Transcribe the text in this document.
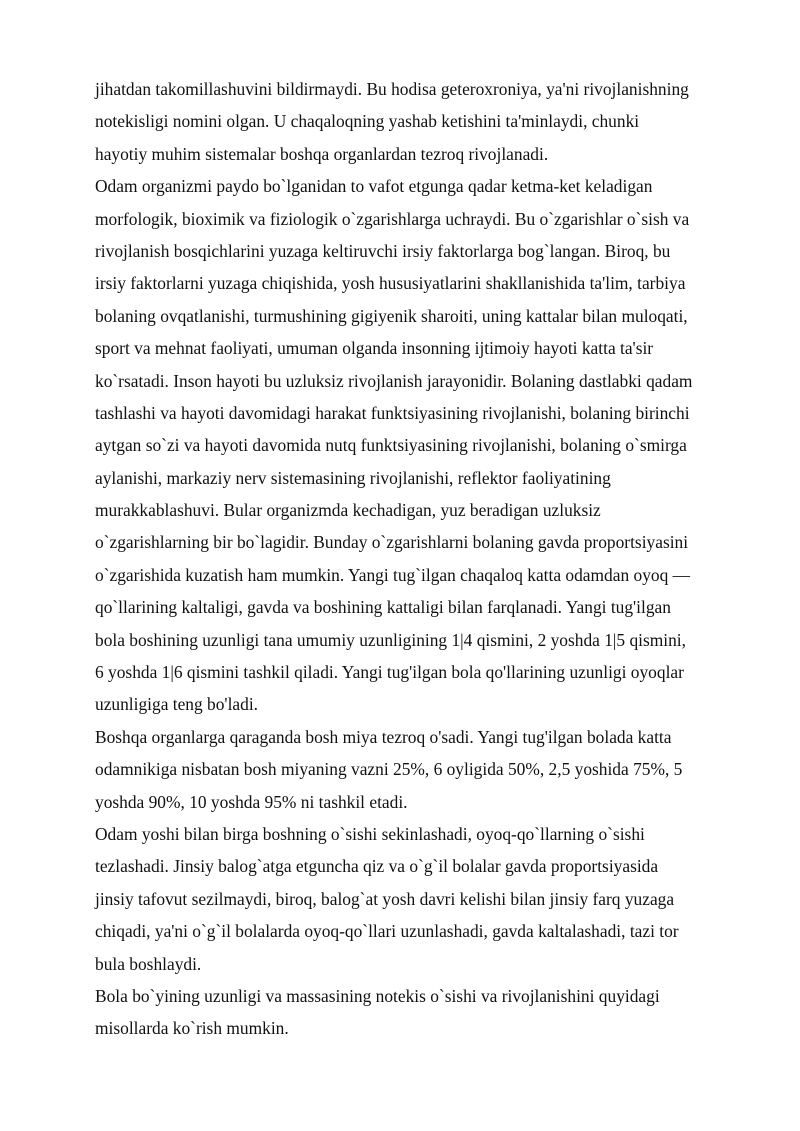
jihatdan takomillashuvini bildirmaydi. Bu hodisa geteroxroniya, ya'ni rivojlanishning
notekisligi nomini olgan. U chaqaloqning yashab ketishini ta'minlaydi, chunki
hayotiy muhim sistemalar boshqa organlardan tezroq rivojlanadi.
Odam organizmi paydo bo`lganidan to vafot etgunga qadar ketma-ket keladigan
morfologik, bioximik va fiziologik o`zgarishlarga uchraydi. Bu o`zgarishlar o`sish va
rivojlanish bosqichlarini yuzaga keltiruvchi irsiy faktorlarga bog`langan. Biroq, bu
irsiy faktorlarni yuzaga chiqishida, yosh hususiyatlarini shakllanishida ta'lim, tarbiya
bolaning ovqatlanishi, turmushining gigiyenik sharoiti, uning kattalar bilan muloqati,
sport va mehnat faoliyati, umuman olganda insonning ijtimoiy hayoti katta ta'sir
ko`rsatadi. Inson hayoti bu uzluksiz rivojlanish jarayonidir. Bolaning dastlabki qadam
tashlashi va hayoti davomidagi harakat funktsiyasining rivojlanishi, bolaning birinchi
aytgan so`zi va hayoti davomida nutq funktsiyasining rivojlanishi, bolaning o`smirga
aylanishi, markaziy nerv sistemasining rivojlanishi, reflektor faoliyatining
murakkablashuvi. Bular organizmda kechadigan, yuz beradigan uzluksiz
o`zgarishlarning bir bo`lagidir. Bunday o`zgarishlarni bolaning gavda proportsiyasini
o`zgarishida kuzatish ham mumkin. Yangi tug`ilgan chaqaloq katta odamdan oyoq —
qo`llarining kaltaligi, gavda va boshining kattaligi bilan farqlanadi. Yangi tug'ilgan
bola boshining uzunligi tana umumiy uzunligining 1|4 qismini, 2 yoshda 1|5 qismini,
6 yoshda 1|6 qismini tashkil qiladi. Yangi tug'ilgan bola qo'llarining uzunligi oyoqlar
uzunligiga teng bo'ladi.
Boshqa organlarga qaraganda bosh miya tezroq o'sadi. Yangi tug'ilgan bolada katta
odamnikiga nisbatan bosh miyaning vazni 25%, 6 oyligida 50%, 2,5 yoshida 75%, 5
yoshda 90%, 10 yoshda 95% ni tashkil etadi.
Odam yoshi bilan birga boshning o`sishi sekinlashadi, oyoq-qo`llarning o`sishi
tezlashadi. Jinsiy balog`atga etguncha qiz va o`g`il bolalar gavda proportsiyasida
jinsiy tafovut sezilmaydi, biroq, balog`at yosh davri kelishi bilan jinsiy farq yuzaga
chiqadi, ya'ni o`g`il bolalarda oyoq-qo`llari uzunlashadi, gavda kaltalashadi, tazi tor
bula boshlaydi.
Bola bo`yining uzunligi va massasining notekis o`sishi va rivojlanishini quyidagi
misollarda ko`rish mumkin.
